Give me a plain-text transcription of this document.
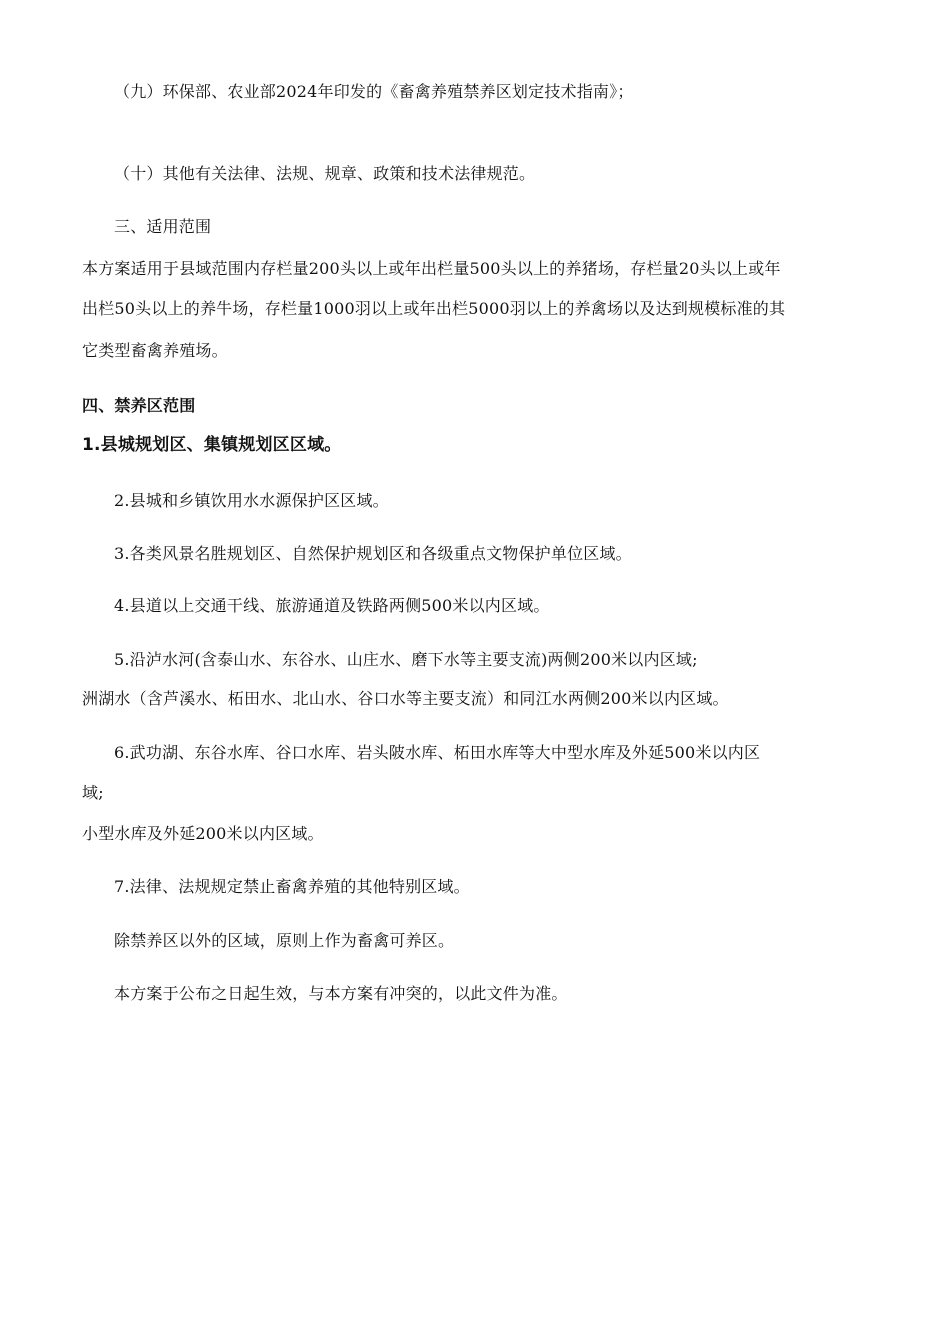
（九）环保部、农业部2024年印发的《畜禽养殖禁养区划定技术指南》；
（十）其他有关法律、法规、规章、政策和技术法律规范。
三、适用范围
本方案适用于县域范围内存栏量200头以上或年出栏量500头以上的养猪场，存栏量20头以上或年
出栏50头以上的养牛场，存栏量1000羽以上或年出栏5000羽以上的养禽场以及达到规模标准的其
它类型畜禽养殖场。
四、禁养区范围
1.县城规划区、集镇规划区区域。
2.县城和乡镇饮用水水源保护区区域。
3.各类风景名胜规划区、自然保护规划区和各级重点文物保护单位区域。
4.县道以上交通干线、旅游通道及铁路两侧500米以内区域。
5.沿泸水河(含泰山水、东谷水、山庄水、磨下水等主要支流)两侧200米以内区域;
洲湖水（含芦溪水、柘田水、北山水、谷口水等主要支流）和同江水两侧200米以内区域。
6.武功湖、东谷水库、谷口水库、岩头陂水库、柘田水库等大中型水库及外延500米以内区
域;
小型水库及外延200米以内区域。
7.法律、法规规定禁止畜禽养殖的其他特别区域。
除禁养区以外的区域，原则上作为畜禽可养区。
本方案于公布之日起生效，与本方案有冲突的，以此文件为准。
